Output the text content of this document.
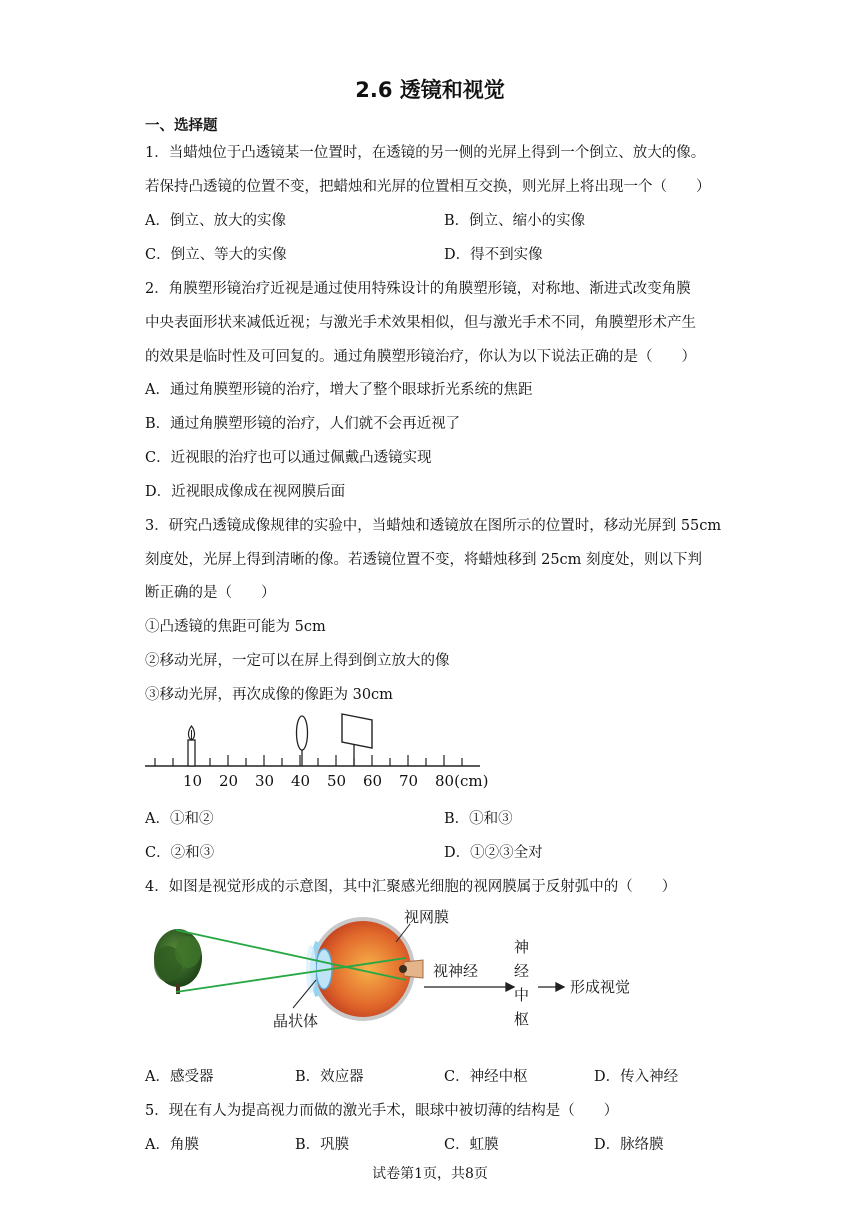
2.6 透镜和视觉
一、选择题
1．当蜡烛位于凸透镜某一位置时，在透镜的另一侧的光屏上得到一个倒立、放大的像。
若保持凸透镜的位置不变，把蜡烛和光屏的位置相互交换，则光屏上将出现一个（　　）
A．倒立、放大的实像	B．倒立、缩小的实像
C．倒立、等大的实像	D．得不到实像
2．角膜塑形镜治疗近视是通过使用特殊设计的角膜塑形镜，对称地、渐进式改变角膜
中央表面形状来减低近视；与激光手术效果相似，但与激光手术不同，角膜塑形术产生
的效果是临时性及可回复的。通过角膜塑形镜治疗，你认为以下说法正确的是（　　）
A．通过角膜塑形镜的治疗，增大了整个眼球折光系统的焦距
B．通过角膜塑形镜的治疗，人们就不会再近视了
C．近视眼的治疗也可以通过佩戴凸透镜实现
D．近视眼成像成在视网膜后面
3．研究凸透镜成像规律的实验中，当蜡烛和透镜放在图所示的位置时，移动光屏到 55cm
刻度处，光屏上得到清晰的像。若透镜位置不变，将蜡烛移到 25cm 刻度处，则以下判
断正确的是（　　）
①凸透镜的焦距可能为 5cm
②移动光屏，一定可以在屏上得到倒立放大的像
③移动光屏，再次成像的像距为 30cm
10 20 30 40 50 60 70 80(cm)
A．①和②	B．①和③
C．②和③	D．①②③全对
4．如图是视觉形成的示意图，其中汇聚感光细胞的视网膜属于反射弧中的（　　）
视网膜
视神经
神
经
中
枢
形成视觉
晶状体
A．感受器	B．效应器	C．神经中枢	D．传入神经
5．现在有人为提高视力而做的激光手术，眼球中被切薄的结构是（　　）
A．角膜	B．巩膜	C．虹膜	D．脉络膜
试卷第1页，共8页
